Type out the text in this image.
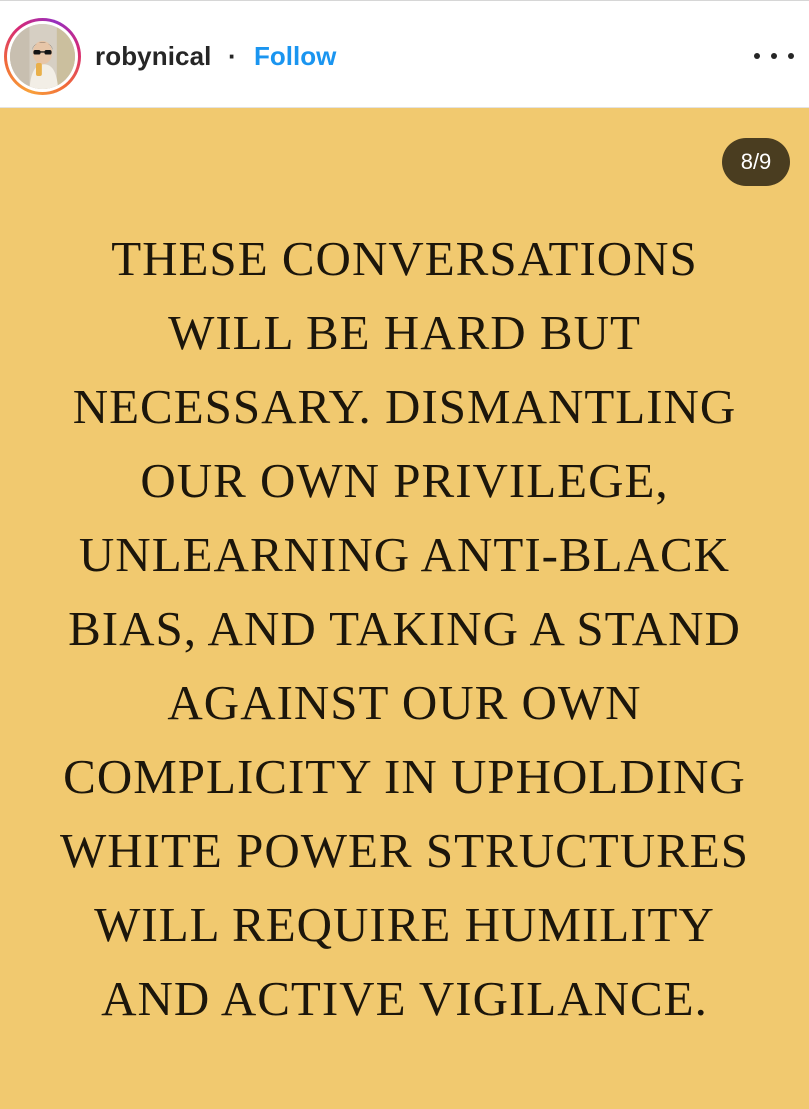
robynical · Follow
8/9
THESE CONVERSATIONS
WILL BE HARD BUT
NECESSARY. DISMANTLING
OUR OWN PRIVILEGE,
UNLEARNING ANTI-BLACK
BIAS, AND TAKING A STAND
AGAINST OUR OWN
COMPLICITY IN UPHOLDING
WHITE POWER STRUCTURES
WILL REQUIRE HUMILITY
AND ACTIVE VIGILANCE.
